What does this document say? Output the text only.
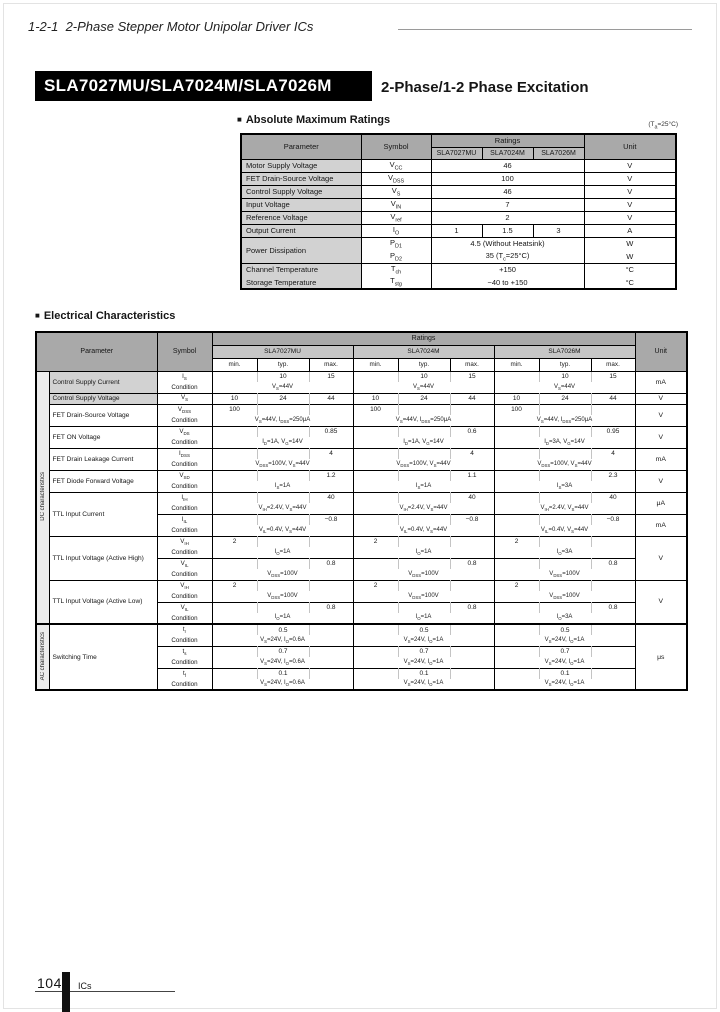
1-2-1  2-Phase Stepper Motor Unipolar Driver ICs
SLA7027MU/SLA7024M/SLA7026M	2-Phase/1-2 Phase Excitation
■ Absolute Maximum Ratings	$(T_a=25^\circ C)$
Parameter	Symbol	Ratings			Unit
		SLA7027MU	SLA7024M	SLA7026M	
Motor Supply Voltage	$V_{CC}$	46			V
FET Drain-Source Voltage	$V_{DSS}$	100			V
Control Supply Voltage	$V_S$	46			V
Input Voltage	$V_{IN}$	7			V
Reference Voltage	$V_{ref}$	2			V
Output Current	$I_O$	1	1.5	3	A
Power Dissipation	$P_{D1}$	4.5 (Without Heatsink)			W
	$P_{D2}$	35 $(T_c=25^\circ C)$			W
Channel Temperature	$T_{ch}$	+150			°C
Storage Temperature	$T_{stg}$	−40 to +150			°C
■ Electrical Characteristics
Parameter		Symbol	Ratings									Unit
			SLA7027MU			SLA7024M			SLA7026M			
			min.	typ.	max.	min.	typ.	max.	min.	typ.	max.	
DC characteristics	Control Supply Current	$I_S$		10	15		10	15		10	15	mA
		Condition	$V_S=44V$			$V_S=44V$			$V_S=44V$			
	Control Supply Voltage	$V_S$	10	24	44	10	24	44	10	24	44	V
	FET Drain-Source Voltage	$V_{DSS}$	100			100			100			V
		Condition	$V_S=44V$, $I_{DSS}=250\mu A$			$V_S=44V$, $I_{DSS}=250\mu A$			$V_S=44V$, $I_{DSS}=250\mu A$			
	FET ON Voltage	$V_{DS}$			0.85			0.6			0.95	V
		Condition	$I_D=1A$, $V_G=14V$			$I_D=1A$, $V_G=14V$			$I_D=3A$, $V_G=14V$			
	FET Drain Leakage Current	$I_{DSS}$			4			4			4	mA
		Condition	$V_{DSS}=100V$, $V_S=44V$			$V_{DSS}=100V$, $V_S=44V$			$V_{DSS}=100V$, $V_S=44V$			
	FET Diode Forward Voltage	$V_{SD}$			1.2			1.1			2.3	V
		Condition	$I_S=1A$			$I_S=1A$			$I_S=3A$			
	TTL Input Current	$I_{IH}$			40			40			40	μA
		Condition	$V_{IH}=2.4V$, $V_S=44V$			$V_{IH}=2.4V$, $V_S=44V$			$V_{IH}=2.4V$, $V_S=44V$			
		$I_{IL}$			−0.8			−0.8			−0.8	mA
		Condition	$V_{IL}=0.4V$, $V_S=44V$			$V_{IL}=0.4V$, $V_S=44V$			$V_{IL}=0.4V$, $V_S=44V$			
	TTL Input Voltage (Active High)	$V_{IH}$	2			2			2			V
		Condition	$I_O=1A$			$I_O=1A$			$I_O=3A$			
		$V_{IL}$			0.8			0.8			0.8	
		Condition	$V_{DSS}=100V$			$V_{DSS}=100V$			$V_{DSS}=100V$			
	TTL Input Voltage (Active Low)	$V_{IH}$	2			2			2			V
		Condition	$V_{DSS}=100V$			$V_{DSS}=100V$			$V_{DSS}=100V$			
		$V_{IL}$			0.8			0.8			0.8	
		Condition	$I_O=1A$			$I_O=1A$			$I_O=3A$			
AC characteristics	Switching Time	$t_r$		0.5			0.5			0.5		μs
		Condition	$V_S=24V$, $I_O=0.6A$			$V_S=24V$, $I_O=1A$			$V_S=24V$, $I_O=1A$			
		$t_s$		0.7			0.7			0.7		
		Condition	$V_S=24V$, $I_O=0.6A$			$V_S=24V$, $I_O=1A$			$V_S=24V$, $I_O=1A$			
		$t_f$		0.1			0.1			0.1		
		Condition	$V_S=24V$, $I_O=0.6A$			$V_S=24V$, $I_O=1A$			$V_S=24V$, $I_O=1A$			
104 ICs
